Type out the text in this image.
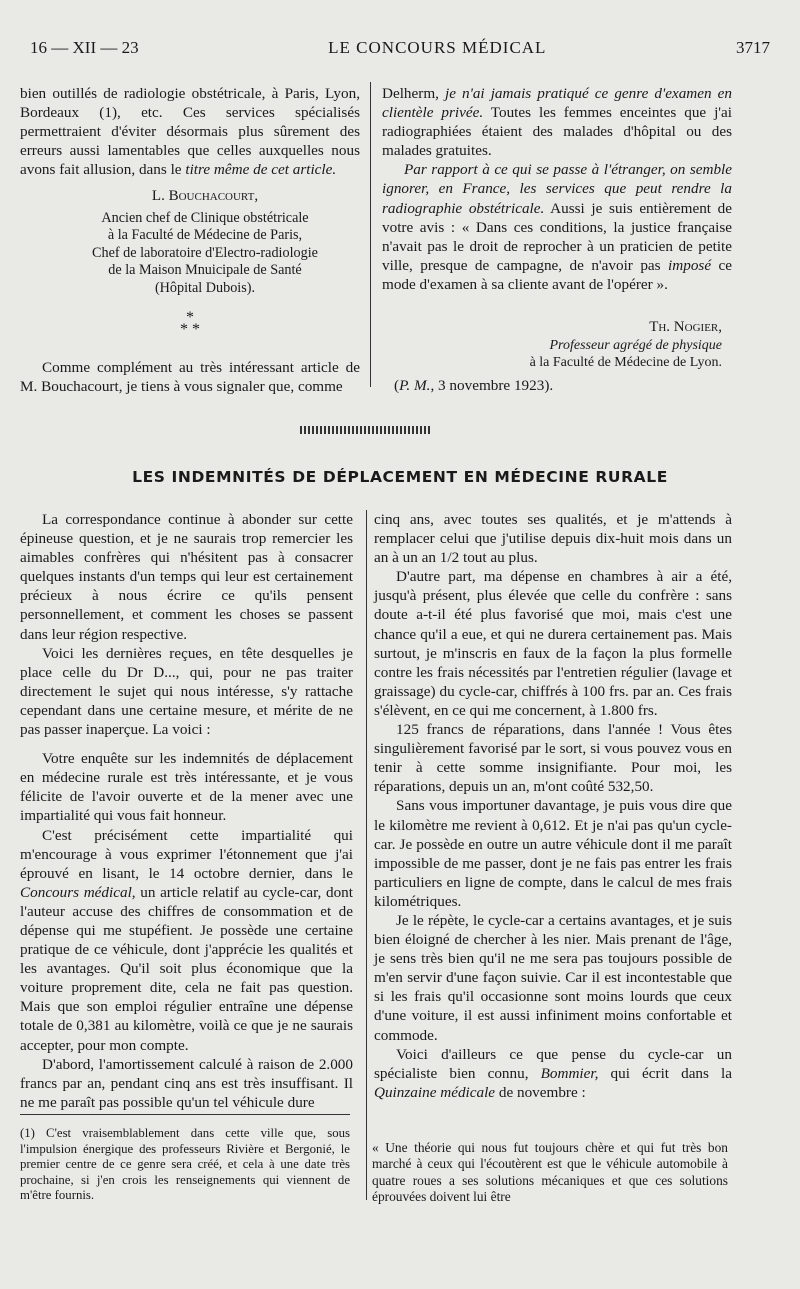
16 — XII — 23	LE CONCOURS MÉDICAL	3717

bien outillés de radiologie obstétricale, à Paris, Lyon, Bordeaux (1), etc. Ces services spécialisés permettraient d'éviter désormais plus sûrement des erreurs aussi lamentables que celles auxquelles nous avons fait allusion, dans le titre même de cet article.

L. Bouchacourt,
Ancien chef de Clinique obstétricale
à la Faculté de Médecine de Paris,
Chef de laboratoire d'Electro-radiologie
de la Maison Mnuicipale de Santé
(Hôpital Dubois).
*
* *

Comme complément au très intéressant article de M. Bouchacourt, je tiens à vous signaler que, comme

Delherm, je n'ai jamais pratiqué ce genre d'examen en clientèle privée. Toutes les femmes enceintes que j'ai radiographiées étaient des malades d'hôpital ou des malades gratuites.

Par rapport à ce qui se passe à l'étranger, on semble ignorer, en France, les services que peut rendre la radiographie obstétricale. Aussi je suis entièrement de votre avis : « Dans ces conditions, la justice française n'avait pas le droit de reprocher à un praticien de petite ville, presque de campagne, de n'avoir pas imposé ce mode d'examen à sa cliente avant de l'opérer ».

Th. Nogier,
Professeur agrégé de physique
à la Faculté de Médecine de Lyon.
(P. M., 3 novembre 1923).
LES INDEMNITÉS DE DÉPLACEMENT EN MÉDECINE RURALE

La correspondance continue à abonder sur cette épineuse question, et je ne saurais trop remercier les aimables confrères qui n'hésitent pas à consacrer quelques instants d'un temps qui leur est certainement précieux à nous écrire ce qu'ils pensent personnellement, et comment les choses se passent dans leur région respective.

Voici les dernières reçues, en tête desquelles je place celle du Dr D..., qui, pour ne pas traiter directement le sujet qui nous intéresse, s'y rattache cependant dans une certaine mesure, et mérite de ne pas passer inaperçue. La voici :

Votre enquête sur les indemnités de déplacement en médecine rurale est très intéressante, et je vous félicite de l'avoir ouverte et de la mener avec une impartialité qui vous fait honneur.

C'est précisément cette impartialité qui m'encourage à vous exprimer l'étonnement que j'ai éprouvé en lisant, le 14 octobre dernier, dans le Concours médical, un article relatif au cycle-car, dont l'auteur accuse des chiffres de consommation et de dépense qui me stupéfient. Je possède une certaine pratique de ce véhicule, dont j'apprécie les qualités et les avantages. Qu'il soit plus économique que la voiture proprement dite, cela ne fait pas question. Mais que son emploi régulier entraîne une dépense totale de 0,381 au kilomètre, voilà ce que je ne saurais accepter, pour mon compte.

D'abord, l'amortissement calculé à raison de 2.000 francs par an, pendant cinq ans est très insuffisant. Il ne me paraît pas possible qu'un tel véhicule dure

(1) C'est vraisemblablement dans cette ville que, sous l'impulsion énergique des professeurs Rivière et Bergonié, le premier centre de ce genre sera créé, et cela à une date très prochaine, si j'en crois les renseignements qui viennent de m'être fournis.

cinq ans, avec toutes ses qualités, et je m'attends à remplacer celui que j'utilise depuis dix-huit mois dans un an à un an 1/2 tout au plus.

D'autre part, ma dépense en chambres à air a été, jusqu'à présent, plus élevée que celle du confrère : sans doute a-t-il été plus favorisé que moi, mais c'est une chance qu'il a eue, et qui ne durera certainement pas. Mais surtout, je m'inscris en faux de la façon la plus formelle contre les frais nécessités par l'entretien régulier (lavage et graissage) du cycle-car, chiffrés à 100 frs. par an. Ces frais s'élèvent, en ce qui me concernent, à 1.800 frs.

125 francs de réparations, dans l'année ! Vous êtes singulièrement favorisé par le sort, si vous pouvez vous en tenir à cette somme insignifiante. Pour moi, les réparations, depuis un an, m'ont coûté 532,50.

Sans vous importuner davantage, je puis vous dire que le kilomètre me revient à 0,612. Et je n'ai pas qu'un cycle-car. Je possède en outre un autre véhicule dont il me paraît impossible de me passer, dont je ne fais pas entrer les frais particuliers en ligne de compte, dans le calcul de mes frais kilométriques.

Je le répète, le cycle-car a certains avantages, et je suis bien éloigné de chercher à les nier. Mais prenant de l'âge, je sens très bien qu'il ne me sera pas toujours possible de m'en servir d'une façon suivie. Car il est incontestable que si les frais qu'il occasionne sont moins lourds que ceux d'une voiture, il est aussi infiniment moins confortable et commode.

Voici d'ailleurs ce que pense du cycle-car un spécialiste bien connu, Bommier, qui écrit dans la Quinzaine médicale de novembre :

« Une théorie qui nous fut toujours chère et qui fut très bon marché à ceux qui l'écoutèrent est que le véhicule automobile à quatre roues a ses solutions mécaniques et que ces solutions éprouvées doivent lui être
